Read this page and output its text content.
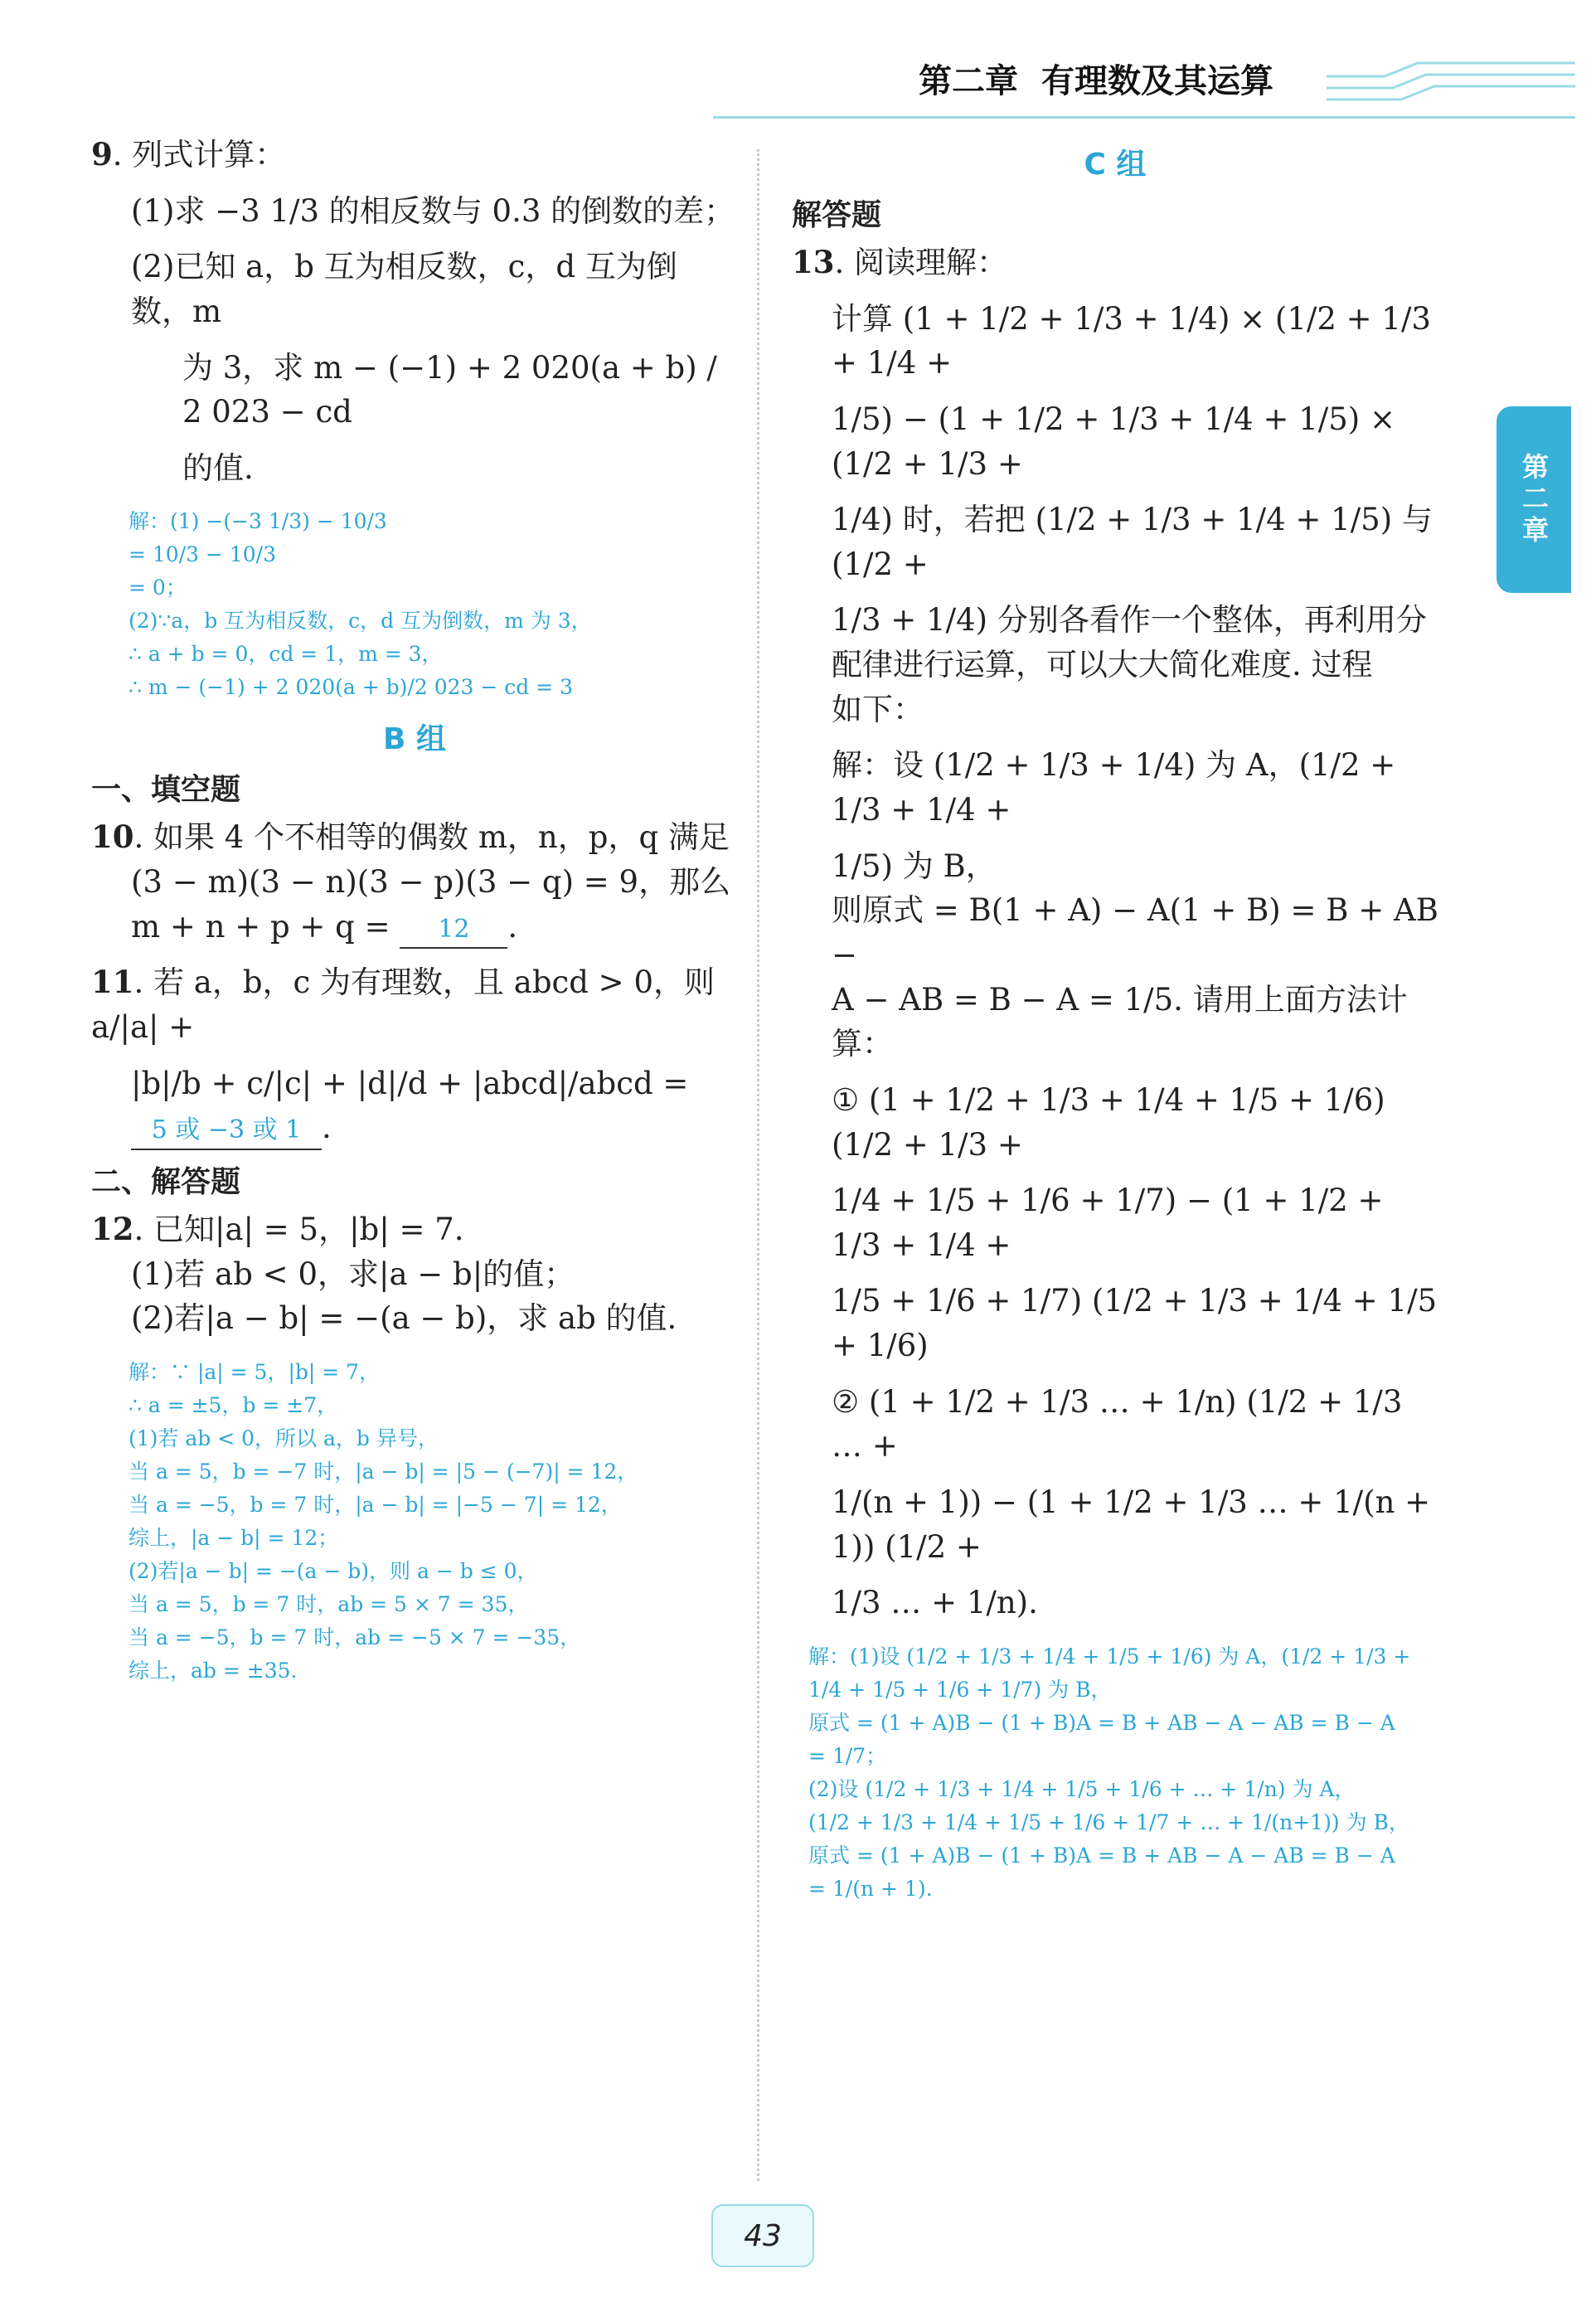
第二章 有理数及其运算
第二章

9. 列式计算：

(1)求 −3 1/3 的相反数与 0.3 的倒数的差；

(2)已知 a，b 互为相反数，c，d 互为倒数，m

为 3，求 m − (−1) + 2 020(a + b) / 2 023 − cd

的值.

解：(1) −(−3 1/3) − 10/3

= 10/3 − 10/3

= 0；

(2)∵a，b 互为相反数，c，d 互为倒数，m 为 3，

∴ a + b = 0，cd = 1，m = 3，

∴ m − (−1) + 2 020(a + b)/2 023 − cd = 3

B 组
一、填空题

10. 如果 4 个不相等的偶数 m，n，p，q 满足

(3 − m)(3 − n)(3 − p)(3 − q) = 9，那么

m + n + p + q = 12 .

11. 若 a，b，c 为有理数，且 abcd > 0，则 a/|a| +

|b|/b + c/|c| + |d|/d + |abcd|/abcd = 5 或 −3 或 1 .

二、解答题

12. 已知|a| = 5，|b| = 7.

(1)若 ab < 0，求|a − b|的值；

(2)若|a − b| = −(a − b)，求 ab 的值.

解：∵ |a| = 5，|b| = 7，

∴ a = ±5，b = ±7，

(1)若 ab < 0，所以 a，b 异号，

当 a = 5，b = −7 时，|a − b| = |5 − (−7)| = 12，

当 a = −5，b = 7 时，|a − b| = |−5 − 7| = 12，

综上，|a − b| = 12；

(2)若|a − b| = −(a − b)，则 a − b ≤ 0，

当 a = 5，b = 7 时，ab = 5 × 7 = 35，

当 a = −5，b = 7 时，ab = −5 × 7 = −35，

综上，ab = ±35.

C 组
解答题

13. 阅读理解：

计算 (1 + 1/2 + 1/3 + 1/4) × (1/2 + 1/3 + 1/4 +

1/5) − (1 + 1/2 + 1/3 + 1/4 + 1/5) × (1/2 + 1/3 +

1/4) 时，若把 (1/2 + 1/3 + 1/4 + 1/5) 与 (1/2 +

1/3 + 1/4) 分别各看作一个整体，再利用分

配律进行运算，可以大大简化难度. 过程

如下：

解：设 (1/2 + 1/3 + 1/4) 为 A，(1/2 + 1/3 + 1/4 +

1/5) 为 B，

则原式 = B(1 + A) − A(1 + B) = B + AB −

A − AB = B − A = 1/5. 请用上面方法计算：

① (1 + 1/2 + 1/3 + 1/4 + 1/5 + 1/6) (1/2 + 1/3 +

1/4 + 1/5 + 1/6 + 1/7) − (1 + 1/2 + 1/3 + 1/4 +

1/5 + 1/6 + 1/7) (1/2 + 1/3 + 1/4 + 1/5 + 1/6)

② (1 + 1/2 + 1/3 … + 1/n) (1/2 + 1/3 … +

1/(n + 1)) − (1 + 1/2 + 1/3 … + 1/(n + 1)) (1/2 +

1/3 … + 1/n).

解：(1)设 (1/2 + 1/3 + 1/4 + 1/5 + 1/6) 为 A，(1/2 + 1/3 +

1/4 + 1/5 + 1/6 + 1/7) 为 B，

原式 = (1 + A)B − (1 + B)A = B + AB − A − AB = B − A

= 1/7；

(2)设 (1/2 + 1/3 + 1/4 + 1/5 + 1/6 + … + 1/n) 为 A，

(1/2 + 1/3 + 1/4 + 1/5 + 1/6 + 1/7 + … + 1/(n+1)) 为 B，

原式 = (1 + A)B − (1 + B)A = B + AB − A − AB = B − A

= 1/(n + 1).

43
